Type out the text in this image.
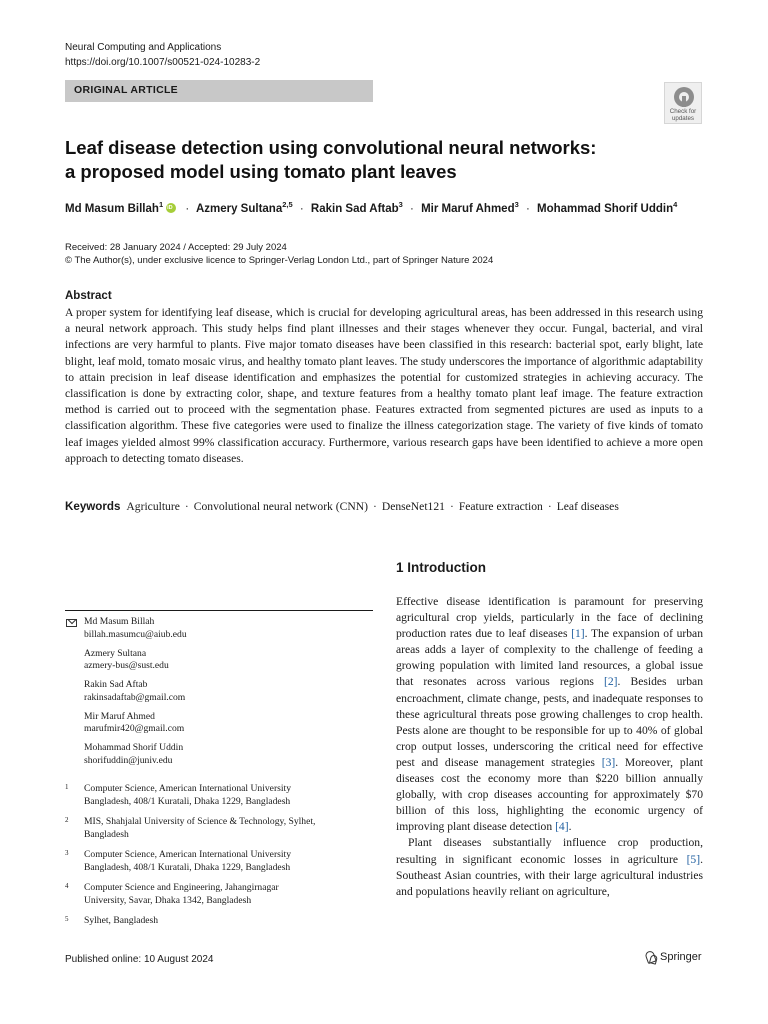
Neural Computing and Applications
https://doi.org/10.1007/s00521-024-10283-2
ORIGINAL ARTICLE
Check for updates
Leaf disease detection using convolutional neural networks:
a proposed model using tomato plant leaves
Md Masum Billah$^1$iD · Azmery Sultana$^{2,5}$ · Rakin Sad Aftab$^3$ · Mir Maruf Ahmed$^3$ · Mohammad Shorif Uddin$^4$
Received: 28 January 2024 / Accepted: 29 July 2024
© The Author(s), under exclusive licence to Springer-Verlag London Ltd., part of Springer Nature 2024
Abstract
A proper system for identifying leaf disease, which is crucial for developing agricultural areas, has been addressed in this research using a neural network approach. This study helps find plant illnesses and their stages whenever they occur. Fungal, bacterial, and viral infections are very harmful to plants. Five major tomato diseases have been classified in this research: bacterial spot, early blight, late blight, leaf mold, tomato mosaic virus, and healthy tomato plant leaves. The study underscores the importance of algorithmic adaptability to attain precision in leaf disease identification and emphasizes the potential for customized strategies in achieving accuracy. The classification is done by extracting color, shape, and texture features from a healthy tomato plant leaf image. The feature extraction method is carried out to proceed with the segmentation phase. Features extracted from segmented pictures are used as inputs to a classification algorithm. These five categories were used to finalize the illness categorization stage. The variety of five kinds of tomato leaf images yielded almost 99% classification accuracy. Furthermore, various research gaps have been identified to achieve a more open approach to detecting tomato diseases.
Keywords Agriculture · Convolutional neural network (CNN) · DenseNet121 · Feature extraction · Leaf diseases
1 Introduction

Effective disease identification is paramount for preserving agricultural crop yields, particularly in the face of declining production rates due to leaf diseases [1]. The expansion of urban areas adds a layer of complexity to the challenge of feeding a growing population with limited land resources, a global issue that resonates across various regions [2]. Besides urban encroachment, climate change, pests, and inadequate responses to these agricultural threats pose growing challenges to crop health. Pests alone are thought to be responsible for up to 40% of global crop output losses, underscoring the critical need for effective pest and disease management strategies [3]. Moreover, plant diseases cost the economy more than $220 billion annually globally, with crop diseases accounting for approximately $70 billion of this loss, highlighting the economic urgency of improving plant disease detection [4].

Plant diseases substantially influence crop production, resulting in significant economic losses in agriculture [5]. Southeast Asian countries, with their large agricultural industries and populations heavily reliant on agriculture,

Md Masum Billah
billah.masumcu@aiub.edu
Azmery Sultana
azmery-bus@sust.edu
Rakin Sad Aftab
rakinsadaftab@gmail.com
Mir Maruf Ahmed
marufmir420@gmail.com
Mohammad Shorif Uddin
shorifuddin@juniv.edu
1 Computer Science, American International University
Bangladesh, 408/1 Kuratali, Dhaka 1229, Bangladesh
2 MIS, Shahjalal University of Science & Technology, Sylhet,
Bangladesh
3 Computer Science, American International University
Bangladesh, 408/1 Kuratali, Dhaka 1229, Bangladesh
4 Computer Science and Engineering, Jahangirnagar
University, Savar, Dhaka 1342, Bangladesh
5 Sylhet, Bangladesh
Published online: 10 August 2024	Springer
